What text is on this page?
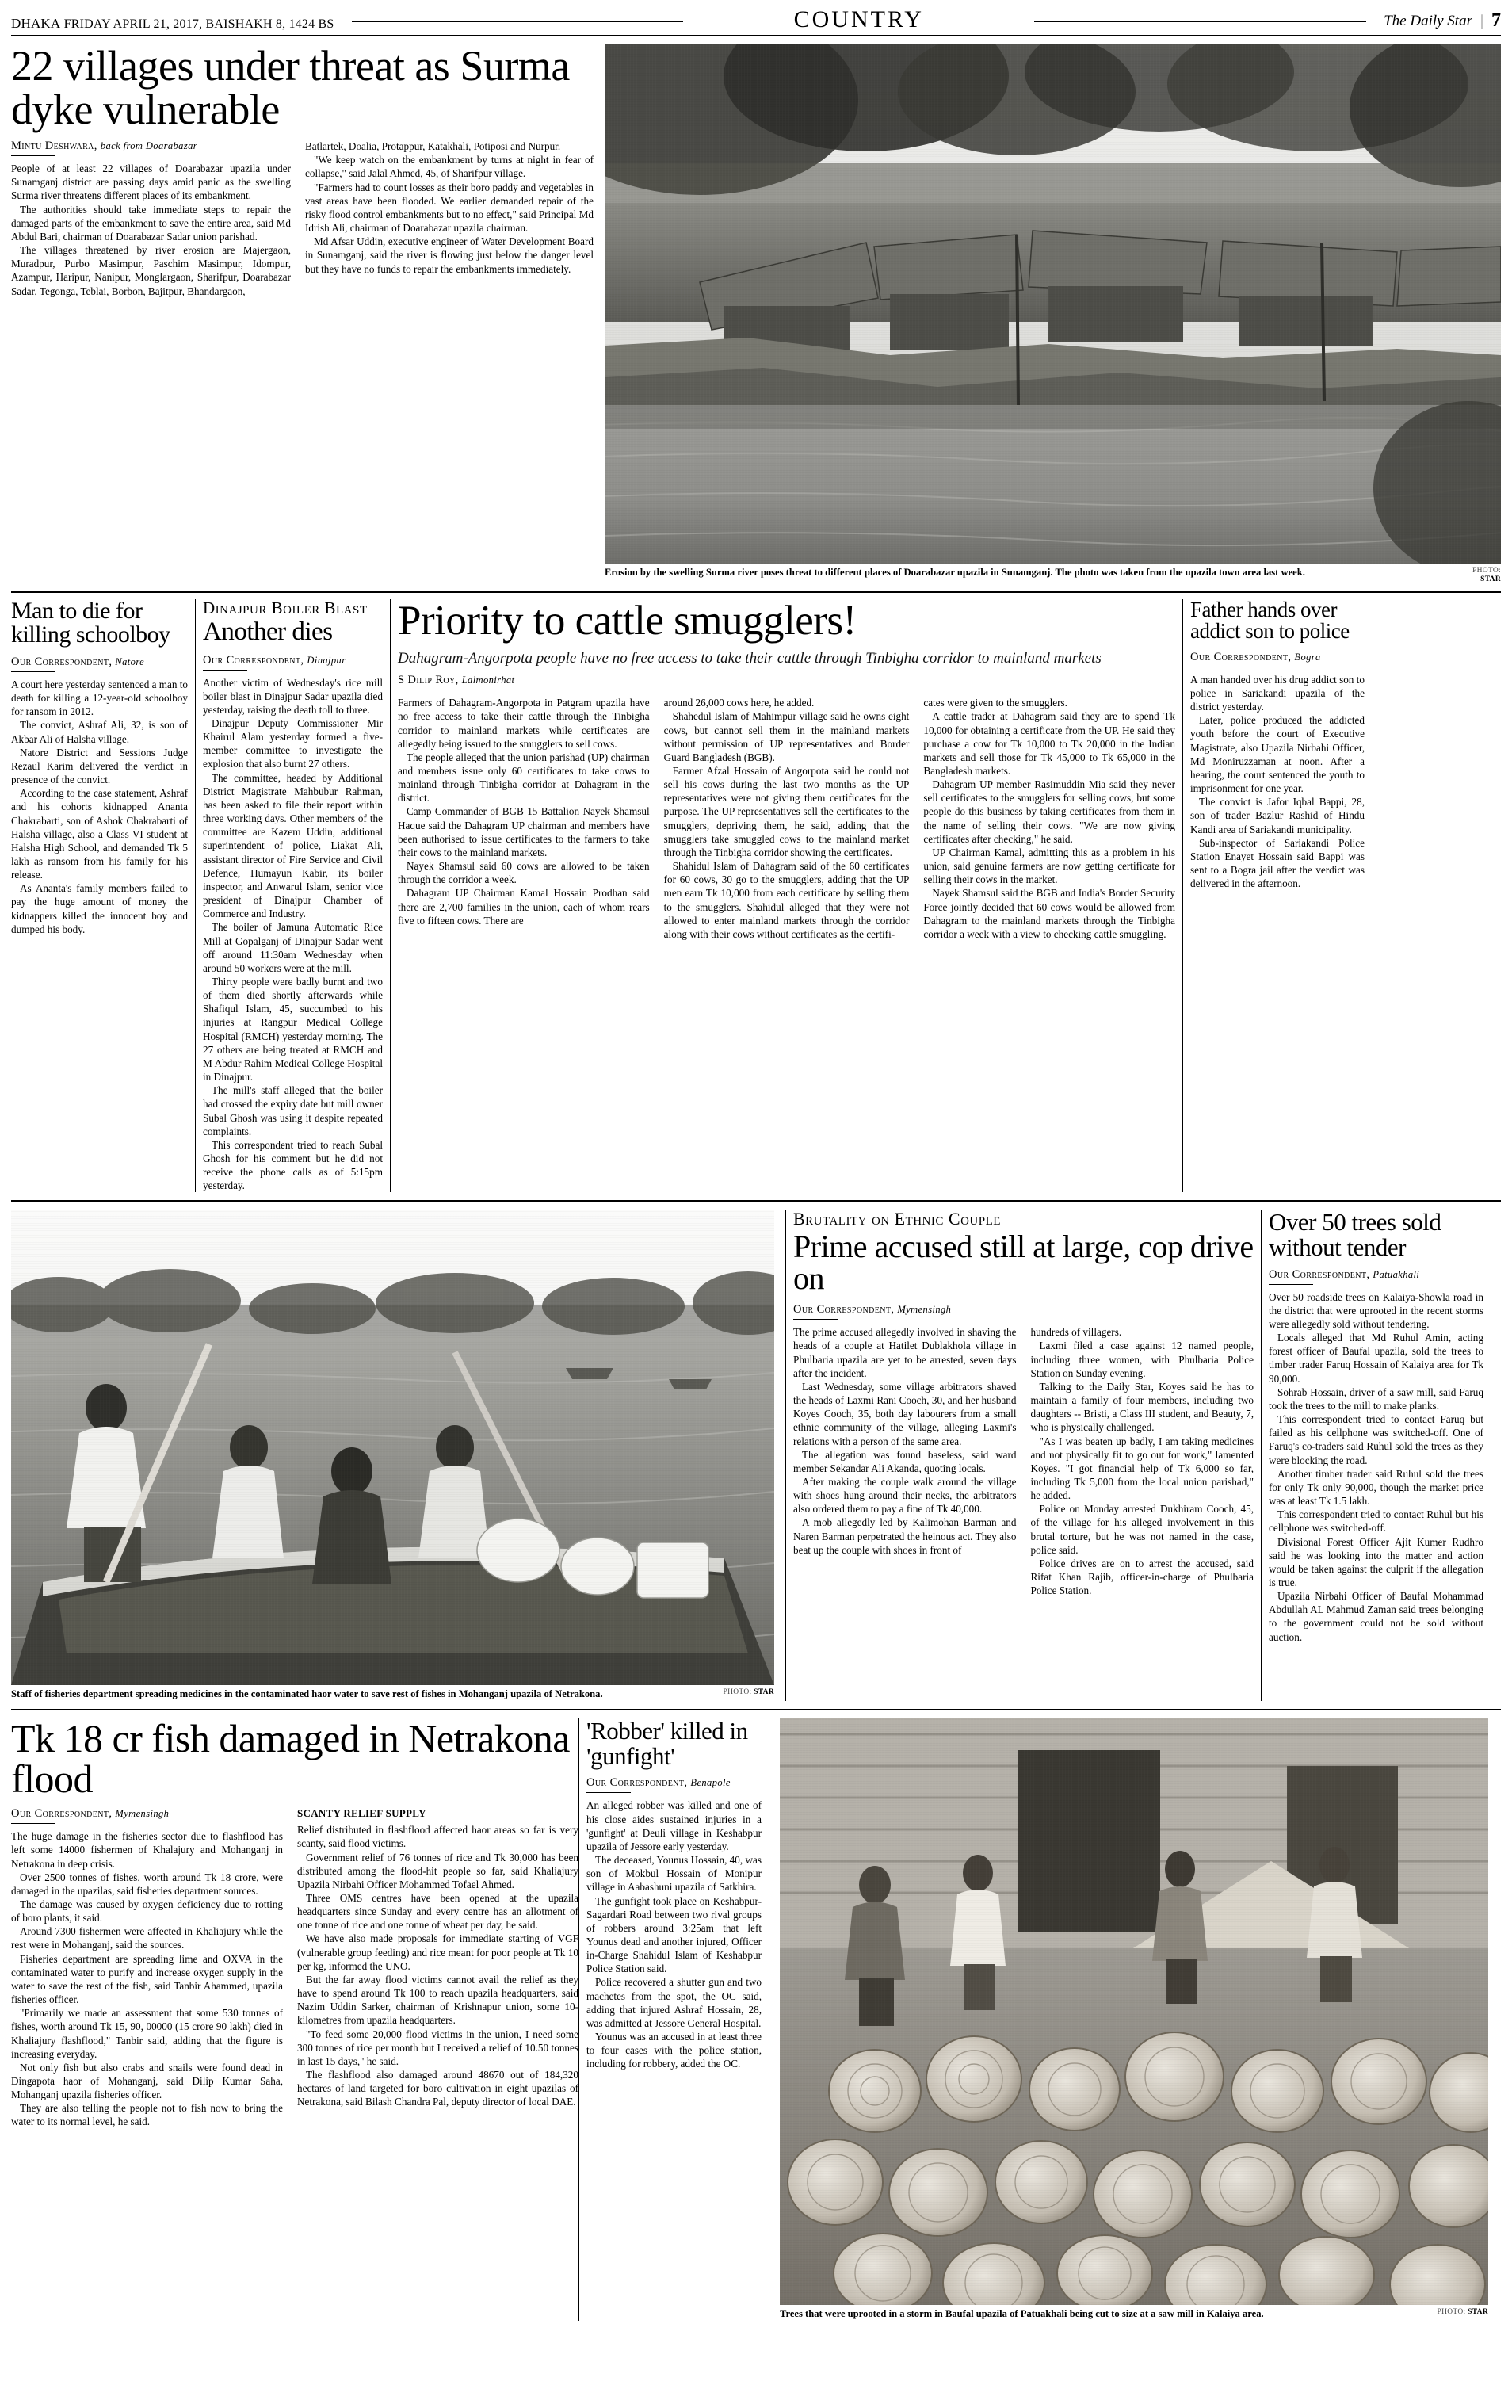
DHAKA FRIDAY APRIL 21, 2017, BAISHAKH 8, 1424 BS	COUNTRY	The Daily Star | 7
22 villages under threat as Surma dyke vulnerable
Mintu Deshwara, back from Doarabazar

People of at least 22 villages of Doarabazar upazila under Sunamganj district are passing days amid panic as the swelling Surma river threatens different places of its embankment.

The authorities should take immediate steps to repair the damaged parts of the embankment to save the entire area, said Md Abdul Bari, chairman of Doarabazar Sadar union parishad.

The villages threatened by river erosion are Majergaon, Muradpur, Purbo Masimpur, Paschim Masimpur, Idompur, Azampur, Haripur, Nanipur, Monglargaon, Sharifpur, Doarabazar Sadar, Tegonga, Teblai, Borbon, Bajitpur, Bhandargaon,

Batlartek, Doalia, Protappur, Katakhali, Potiposi and Nurpur.

"We keep watch on the embankment by turns at night in fear of collapse," said Jalal Ahmed, 45, of Sharifpur village.

"Farmers had to count losses as their boro paddy and vegetables in vast areas have been flooded. We earlier demanded repair of the risky flood control embankments but to no effect," said Principal Md Idrish Ali, chairman of Doarabazar upazila chairman.

Md Afsar Uddin, executive engineer of Water Development Board in Sunamganj, said the river is flowing just below the danger level but they have no funds to repair the embankments immediately.

Erosion by the swelling Surma river poses threat to different places of Doarabazar upazila in Sunamganj. The photo was taken from the upazila town area last week.	PHOTO:
STAR
Man to die for killing schoolboy
Our Correspondent, Natore

A court here yesterday sentenced a man to death for killing a 12-year-old schoolboy for ransom in 2012.

The convict, Ashraf Ali, 32, is son of Akbar Ali of Halsha village.

Natore District and Sessions Judge Rezaul Karim delivered the verdict in presence of the convict.

According to the case statement, Ashraf and his cohorts kidnapped Ananta Chakrabarti, son of Ashok Chakrabarti of Halsha village, also a Class VI student at Halsha High School, and demanded Tk 5 lakh as ransom from his family for his release.

As Ananta's family members failed to pay the huge amount of money the kidnappers killed the innocent boy and dumped his body.

Dinajpur Boiler Blast
Another dies
Our Correspondent, Dinajpur

Another victim of Wednesday's rice mill boiler blast in Dinajpur Sadar upazila died yesterday, raising the death toll to three.

Dinajpur Deputy Commissioner Mir Khairul Alam yesterday formed a five-member committee to investigate the explosion that also burnt 27 others.

The committee, headed by Additional District Magistrate Mahbubur Rahman, has been asked to file their report within three working days. Other members of the committee are Kazem Uddin, additional superintendent of police, Liakat Ali, assistant director of Fire Service and Civil Defence, Humayun Kabir, its boiler inspector, and Anwarul Islam, senior vice president of Dinajpur Chamber of Commerce and Industry.

The boiler of Jamuna Automatic Rice Mill at Gopalganj of Dinajpur Sadar went off around 11:30am Wednesday when around 50 workers were at the mill.

Thirty people were badly burnt and two of them died shortly afterwards while Shafiqul Islam, 45, succumbed to his injuries at Rangpur Medical College Hospital (RMCH) yesterday morning. The 27 others are being treated at RMCH and M Abdur Rahim Medical College Hospital in Dinajpur.

The mill's staff alleged that the boiler had crossed the expiry date but mill owner Subal Ghosh was using it despite repeated complaints.

This correspondent tried to reach Subal Ghosh for his comment but he did not receive the phone calls as of 5:15pm yesterday.

Priority to cattle smugglers!
Dahagram-Angorpota people have no free access to take their cattle through Tinbigha corridor to mainland markets
S Dilip Roy, Lalmonirhat

Farmers of Dahagram-Angorpota in Patgram upazila have no free access to take their cattle through the Tinbigha corridor to mainland markets while certificates are allegedly being issued to the smugglers to sell cows.

The people alleged that the union parishad (UP) chairman and members issue only 60 certificates to take cows to mainland through Tinbigha corridor at Dahagram in the district.

Camp Commander of BGB 15 Battalion Nayek Shamsul Haque said the Dahagram UP chairman and members have been authorised to issue certificates to the farmers to take their cows to the mainland markets.

Nayek Shamsul said 60 cows are allowed to be taken through the corridor a week.

Dahagram UP Chairman Kamal Hossain Prodhan said there are 2,700 families in the union, each of whom rears five to fifteen cows. There are

around 26,000 cows here, he added.

Shahedul Islam of Mahimpur village said he owns eight cows, but cannot sell them in the mainland markets without permission of UP representatives and Border Guard Bangladesh (BGB).

Farmer Afzal Hossain of Angorpota said he could not sell his cows during the last two months as the UP representatives were not giving them certificates for the purpose. The UP representatives sell the certificates to the smugglers, depriving them, he said, adding that the smugglers take smuggled cows to the mainland market through the Tinbigha corridor showing the certificates.

Shahidul Islam of Dahagram said of the 60 certificates for 60 cows, 30 go to the smugglers, adding that the UP men earn Tk 10,000 from each certificate by selling them to the smugglers. Shahidul alleged that they were not allowed to enter mainland markets through the corridor along with their cows without certificates as the certifi-

cates were given to the smugglers.

A cattle trader at Dahagram said they are to spend Tk 10,000 for obtaining a certificate from the UP. He said they purchase a cow for Tk 10,000 to Tk 20,000 in the Indian markets and sell those for Tk 45,000 to Tk 65,000 in the Bangladesh markets.

Dahagram UP member Rasimuddin Mia said they never sell certificates to the smugglers for selling cows, but some people do this business by taking certificates from them in the name of selling their cows. "We are now giving certificates after checking," he said.

UP Chairman Kamal, admitting this as a problem in his union, said genuine farmers are now getting certificate for selling their cows in the market.

Nayek Shamsul said the BGB and India's Border Security Force jointly decided that 60 cows would be allowed from Dahagram to the mainland markets through the Tinbigha corridor a week with a view to checking cattle smuggling.

Father hands over addict son to police
Our Correspondent, Bogra

A man handed over his drug addict son to police in Sariakandi upazila of the district yesterday.

Later, police produced the addicted youth before the court of Executive Magistrate, also Upazila Nirbahi Officer, Md Moniruzzaman at noon. After a hearing, the court sentenced the youth to imprisonment for one year.

The convict is Jafor Iqbal Bappi, 28, son of trader Bazlur Rashid of Hindu Kandi area of Sariakandi municipality.

Sub-inspector of Sariakandi Police Station Enayet Hossain said Bappi was sent to a Bogra jail after the verdict was delivered in the afternoon.

Staff of fisheries department spreading medicines in the contaminated haor water to save rest of fishes in Mohanganj upazila of Netrakona.	PHOTO: STAR
Brutality on Ethnic Couple
Prime accused still at large, cop drive on
Our Correspondent, Mymensingh

The prime accused allegedly involved in shaving the heads of a couple at Hatilet Dublakhola village in Phulbaria upazila are yet to be arrested, seven days after the incident.

Last Wednesday, some village arbitrators shaved the heads of Laxmi Rani Cooch, 30, and her husband Koyes Cooch, 35, both day labourers from a small ethnic community of the village, alleging Laxmi's relations with a person of the same area.

The allegation was found baseless, said ward member Sekandar Ali Akanda, quoting locals.

After making the couple walk around the village with shoes hung around their necks, the arbitrators also ordered them to pay a fine of Tk 40,000.

A mob allegedly led by Kalimohan Barman and Naren Barman perpetrated the heinous act. They also beat up the couple with shoes in front of

hundreds of villagers.

Laxmi filed a case against 12 named people, including three women, with Phulbaria Police Station on Sunday evening.

Talking to the Daily Star, Koyes said he has to maintain a family of four members, including two daughters -- Bristi, a Class III student, and Beauty, 7, who is physically challenged.

"As I was beaten up badly, I am taking medicines and not physically fit to go out for work," lamented Koyes. "I got financial help of Tk 6,000 so far, including Tk 5,000 from the local union parishad," he added.

Police on Monday arrested Dukhiram Cooch, 45, of the village for his alleged involvement in this brutal torture, but he was not named in the case, police said.

Police drives are on to arrest the accused, said Rifat Khan Rajib, officer-in-charge of Phulbaria Police Station.

Over 50 trees sold without tender
Our Correspondent, Patuakhali

Over 50 roadside trees on Kalaiya-Showla road in the district that were uprooted in the recent storms were allegedly sold without tendering.

Locals alleged that Md Ruhul Amin, acting forest officer of Baufal upazila, sold the trees to timber trader Faruq Hossain of Kalaiya area for Tk 90,000.

Sohrab Hossain, driver of a saw mill, said Faruq took the trees to the mill to make planks.

This correspondent tried to contact Faruq but failed as his cellphone was switched-off. One of Faruq's co-traders said Ruhul sold the trees as they were blocking the road.

Another timber trader said Ruhul sold the trees for only Tk only 90,000, though the market price was at least Tk 1.5 lakh.

This correspondent tried to contact Ruhul but his cellphone was switched-off.

Divisional Forest Officer Ajit Kumer Rudhro said he was looking into the matter and action would be taken against the culprit if the allegation is true.

Upazila Nirbahi Officer of Baufal Mohammad Abdullah AL Mahmud Zaman said trees belonging to the government could not be sold without auction.

Tk 18 cr fish damaged in Netrakona flood
Our Correspondent, Mymensingh

The huge damage in the fisheries sector due to flashflood has left some 14000 fishermen of Khalajury and Mohanganj in Netrakona in deep crisis.

Over 2500 tonnes of fishes, worth around Tk 18 crore, were damaged in the upazilas, said fisheries department sources.

The damage was caused by oxygen deficiency due to rotting of boro plants, it said.

Around 7300 fishermen were affected in Khaliajury while the rest were in Mohanganj, said the sources.

Fisheries department are spreading lime and OXVA in the contaminated water to purify and increase oxygen supply in the water to save the rest of the fish, said Tanbir Ahammed, upazila fisheries officer.

"Primarily we made an assessment that some 530 tonnes of fishes, worth around Tk 15, 90, 00000 (15 crore 90 lakh) died in Khaliajury flashflood," Tanbir said, adding that the figure is increasing everyday.

Not only fish but also crabs and snails were found dead in Dingapota haor of Mohanganj, said Dilip Kumar Saha, Mohanganj upazila fisheries officer.

They are also telling the people not to fish now to bring the water to its normal level, he said.

SCANTY RELIEF SUPPLY

Relief distributed in flashflood affected haor areas so far is very scanty, said flood victims.

Government relief of 76 tonnes of rice and Tk 30,000 has been distributed among the flood-hit people so far, said Khaliajury Upazila Nirbahi Officer Mohammed Tofael Ahmed.

Three OMS centres have been opened at the upazila headquarters since Sunday and every centre has an allotment of one tonne of rice and one tonne of wheat per day, he said.

We have also made proposals for immediate starting of VGF (vulnerable group feeding) and rice meant for poor people at Tk 10 per kg, informed the UNO.

But the far away flood victims cannot avail the relief as they have to spend around Tk 100 to reach upazila headquarters, said Nazim Uddin Sarker, chairman of Krishnapur union, some 10-kilometres from upazila headquarters.

"To feed some 20,000 flood victims in the union, I need some 300 tonnes of rice per month but I received a relief of 10.50 tonnes in last 15 days," he said.

The flashflood also damaged around 48670 out of 184,320 hectares of land targeted for boro cultivation in eight upazilas of Netrakona, said Bilash Chandra Pal, deputy director of local DAE.

'Robber' killed in 'gunfight'
Our Correspondent, Benapole

An alleged robber was killed and one of his close aides sustained injuries in a 'gunfight' at Deuli village in Keshabpur upazila of Jessore early yesterday.

The deceased, Younus Hossain, 40, was son of Mokbul Hossain of Monipur village in Aabashuni upazila of Satkhira.

The gunfight took place on Keshabpur-Sagardari Road between two rival groups of robbers around 3:25am that left Younus dead and another injured, Officer in-Charge Shahidul Islam of Keshabpur Police Station said.

Police recovered a shutter gun and two machetes from the spot, the OC said, adding that injured Ashraf Hossain, 28, was admitted at Jessore General Hospital.

Younus was an accused in at least three to four cases with the police station, including for robbery, added the OC.

Trees that were uprooted in a storm in Baufal upazila of Patuakhali being cut to size at a saw mill in Kalaiya area.	PHOTO: STAR
